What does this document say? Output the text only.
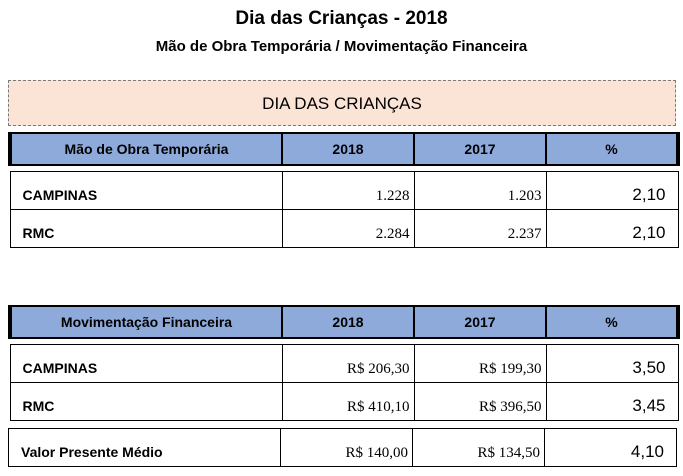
Dia das Crianças - 2018
Mão de Obra Temporária / Movimentação Financeira
DIA DAS CRIANÇAS
Mão de Obra Temporária	2018	2017	%

CAMPINAS	1.228	1.203	2,10
RMC	2.284	2.237	2,10
Movimentação Financeira	2018	2017	%

CAMPINAS	R$ 206,30	R$ 199,30	3,50
RMC	R$ 410,10	R$ 396,50	3,45
Valor Presente Médio	R$ 140,00	R$ 134,50	4,10
